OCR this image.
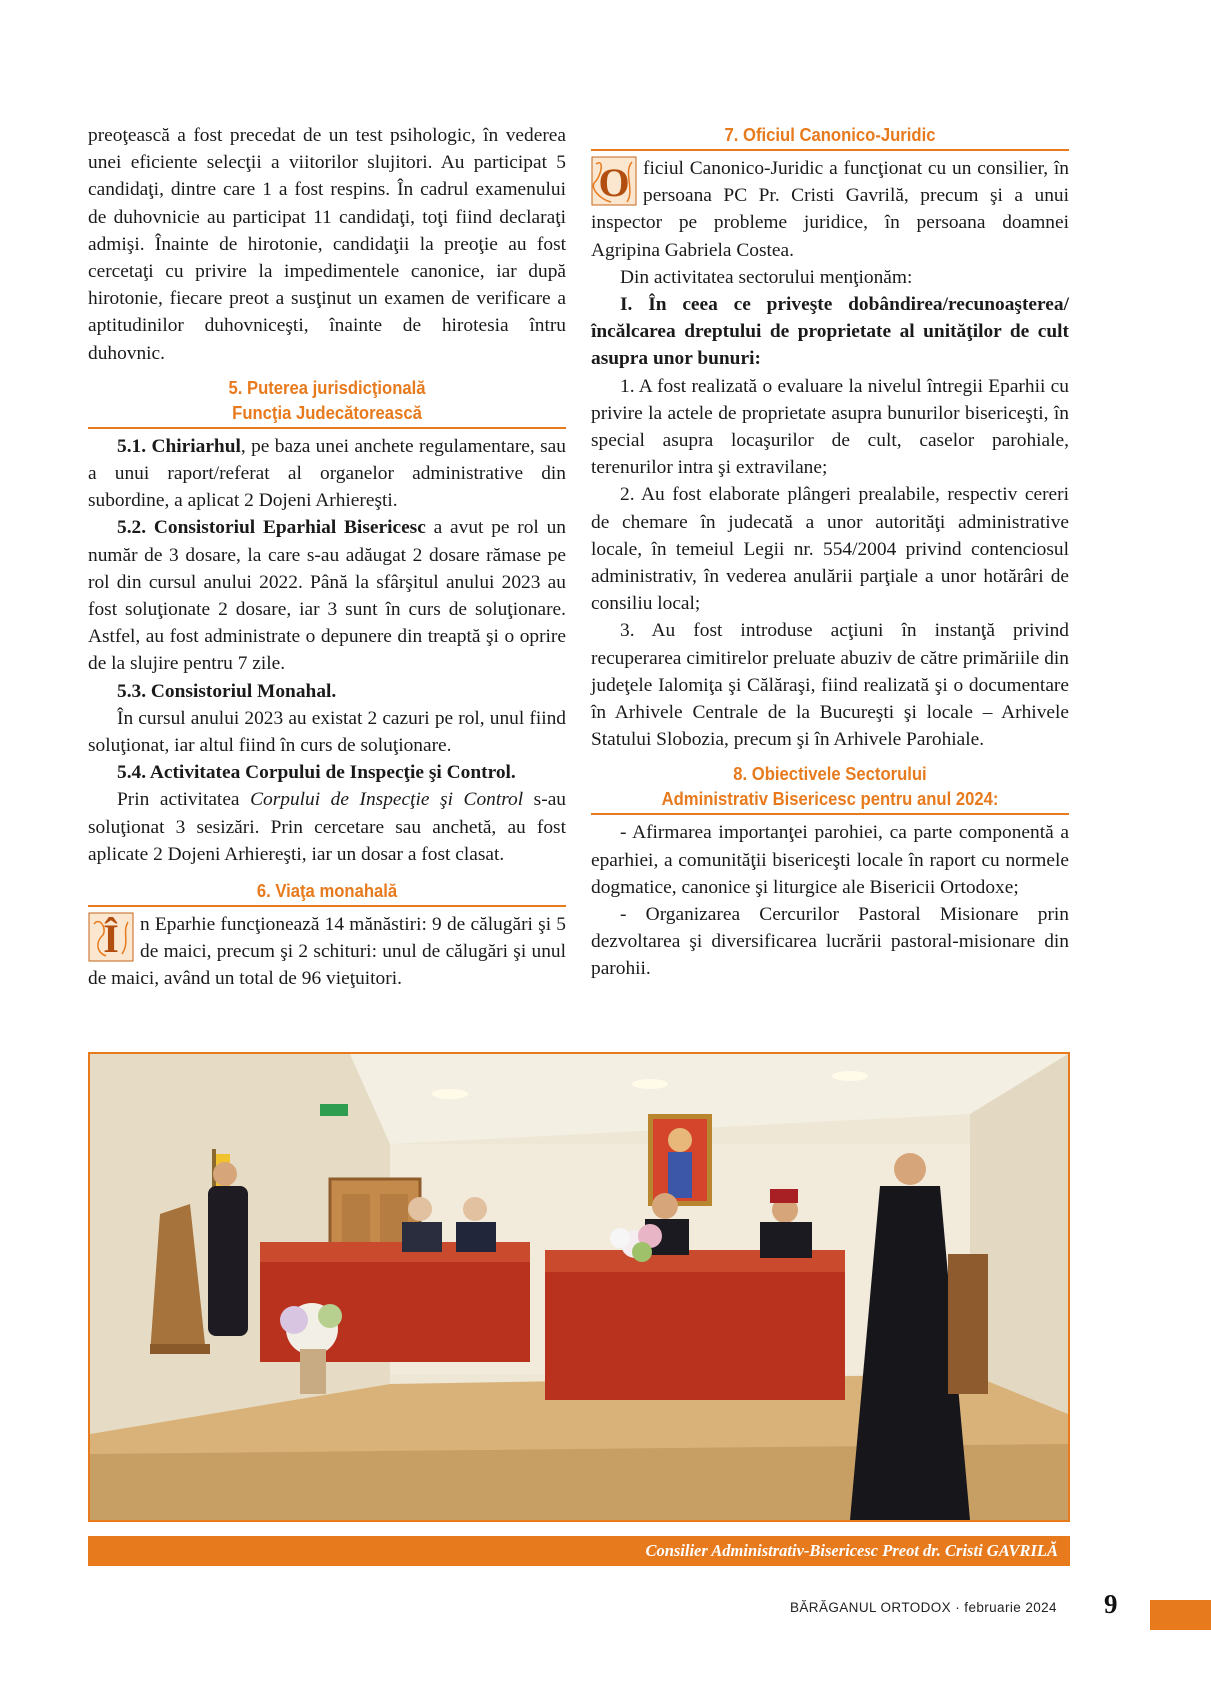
preoţească a fost precedat de un test psihologic, în vederea unei eficiente selecţii a viitorilor slujitori. Au participat 5 candidaţi, dintre care 1 a fost respins. În cadrul examenului de duhovnicie au participat 11 candidaţi, toţi fiind declaraţi admişi. Înainte de hirotonie, candidaţii la preoţie au fost cercetaţi cu privire la impedimentele canonice, iar după hirotonie, fiecare preot a susţinut un examen de verificare a aptitudinilor duhovniceşti, înainte de hirotesia întru duhovnic.

5. Puterea jurisdicţională
Funcţia Judecătorească

5.1. Chiriarhul, pe baza unei anchete regulamentare, sau a unui raport/referat al organelor administrative din subordine, a aplicat 2 Dojeni Arhiereşti.

5.2. Consistoriul Eparhial Bisericesc a avut pe rol un număr de 3 dosare, la care s-au adăugat 2 dosare rămase pe rol din cursul anului 2022. Până la sfârşitul anului 2023 au fost soluţionate 2 dosare, iar 3 sunt în curs de soluţionare. Astfel, au fost administrate o depunere din treaptă şi o oprire de la slujire pentru 7 zile.

5.3. Consistoriul Monahal.

În cursul anului 2023 au existat 2 cazuri pe rol, unul fiind soluţionat, iar altul fiind în curs de soluţionare.

5.4. Activitatea Corpului de Inspecţie şi Control.

Prin activitatea Corpului de Inspecţie şi Control s-au soluţionat 3 sesizări. Prin cercetare sau anchetă, au fost aplicate 2 Dojeni Arhiereşti, iar un dosar a fost clasat.

6. Viaţa monahală

Î n Eparhie funcţionează 14 mănăstiri: 9 de călugări şi 5 de maici, precum şi 2 schituri: unul de călugări şi unul de maici, având un total de 96 vieţuitori.

7. Oficiul Canonico-Juridic

O ficiul Canonico-Juridic a funcţionat cu un consilier, în persoana PC Pr. Cristi Gavrilă, precum şi a unui inspector pe probleme juridice, în persoana doamnei Agripina Gabriela Costea.

Din activitatea sectorului menţionăm:

I. În ceea ce priveşte dobândirea/recunoaşterea/încălcarea dreptului de proprietate al unităţilor de cult asupra unor bunuri:

1. A fost realizată o evaluare la nivelul întregii Eparhii cu privire la actele de proprietate asupra bunurilor bisericeşti, în special asupra locaşurilor de cult, caselor parohiale, terenurilor intra şi extravilane;

2. Au fost elaborate plângeri prealabile, respectiv cereri de chemare în judecată a unor autorităţi administrative locale, în temeiul Legii nr. 554/2004 privind contenciosul administrativ, în vederea anulării parţiale a unor hotărâri de consiliu local;

3. Au fost introduse acţiuni în instanţă privind recuperarea cimitirelor preluate abuziv de către primăriile din judeţele Ialomiţa şi Călăraşi, fiind realizată şi o documentare în Arhivele Centrale de la Bucureşti şi locale – Arhivele Statului Slobozia, precum şi în Arhivele Parohiale.

8. Obiectivele Sectorului
Administrativ Bisericesc pentru anul 2024:

- Afirmarea importanţei parohiei, ca parte componentă a eparhiei, a comunităţii bisericeşti locale în raport cu normele dogmatice, canonice şi liturgice ale Bisericii Ortodoxe;

- Organizarea Cercurilor Pastoral Misionare prin dezvoltarea şi diversificarea lucrării pastoral-misionare din parohii.

Consilier Administrativ-Bisericesc Preot dr. Cristi GAVRILĂ
BĂRĂGANUL ORTODOX · februarie 2024 9
